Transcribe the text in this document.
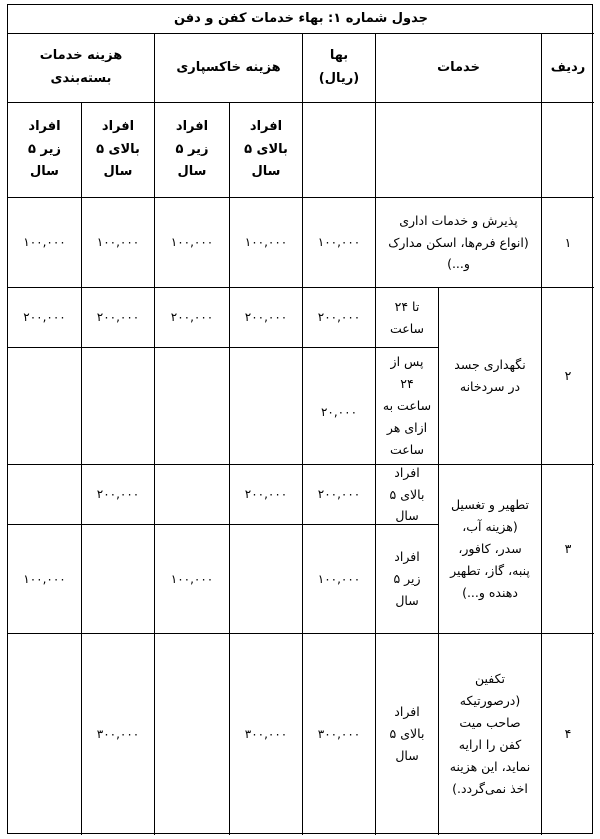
جدول شماره ۱: بهاء خدمات کفن و دفن
ردیف
خدمات
بها (ریال)
هزینه خاکسپاری
هزینه خدمات بسته‌بندی
افراد بالای ۵ سال
افراد زیر ۵ سال
افراد بالای ۵ سال
افراد زیر ۵ سال
۱
پذیرش و خدمات اداری (انواع فرم‌ها، اسکن مدارک و...)
۱۰۰,۰۰۰
۱۰۰,۰۰۰
۱۰۰,۰۰۰
۱۰۰,۰۰۰
۱۰۰,۰۰۰
۲
نگهداری جسد در سردخانه
تا ۲۴ ساعت
۲۰۰,۰۰۰
۲۰۰,۰۰۰
۲۰۰,۰۰۰
۲۰۰,۰۰۰
۲۰۰,۰۰۰
پس از ۲۴ ساعت به ازای هر ساعت
۲۰,۰۰۰
۳
تطهیر و تغسیل (هزینه آب، سدر، کافور، پنبه، گاز، تطهیر دهنده و...)
افراد بالای ۵ سال
۲۰۰,۰۰۰
۲۰۰,۰۰۰
۲۰۰,۰۰۰
افراد زیر ۵ سال
۱۰۰,۰۰۰
۱۰۰,۰۰۰
۱۰۰,۰۰۰
۴
تکفین (درصورتیکه صاحب میت کفن را ارایه نماید، این هزینه اخذ نمی‌گردد.)
افراد بالای ۵ سال
۳۰۰,۰۰۰
۳۰۰,۰۰۰
۳۰۰,۰۰۰
